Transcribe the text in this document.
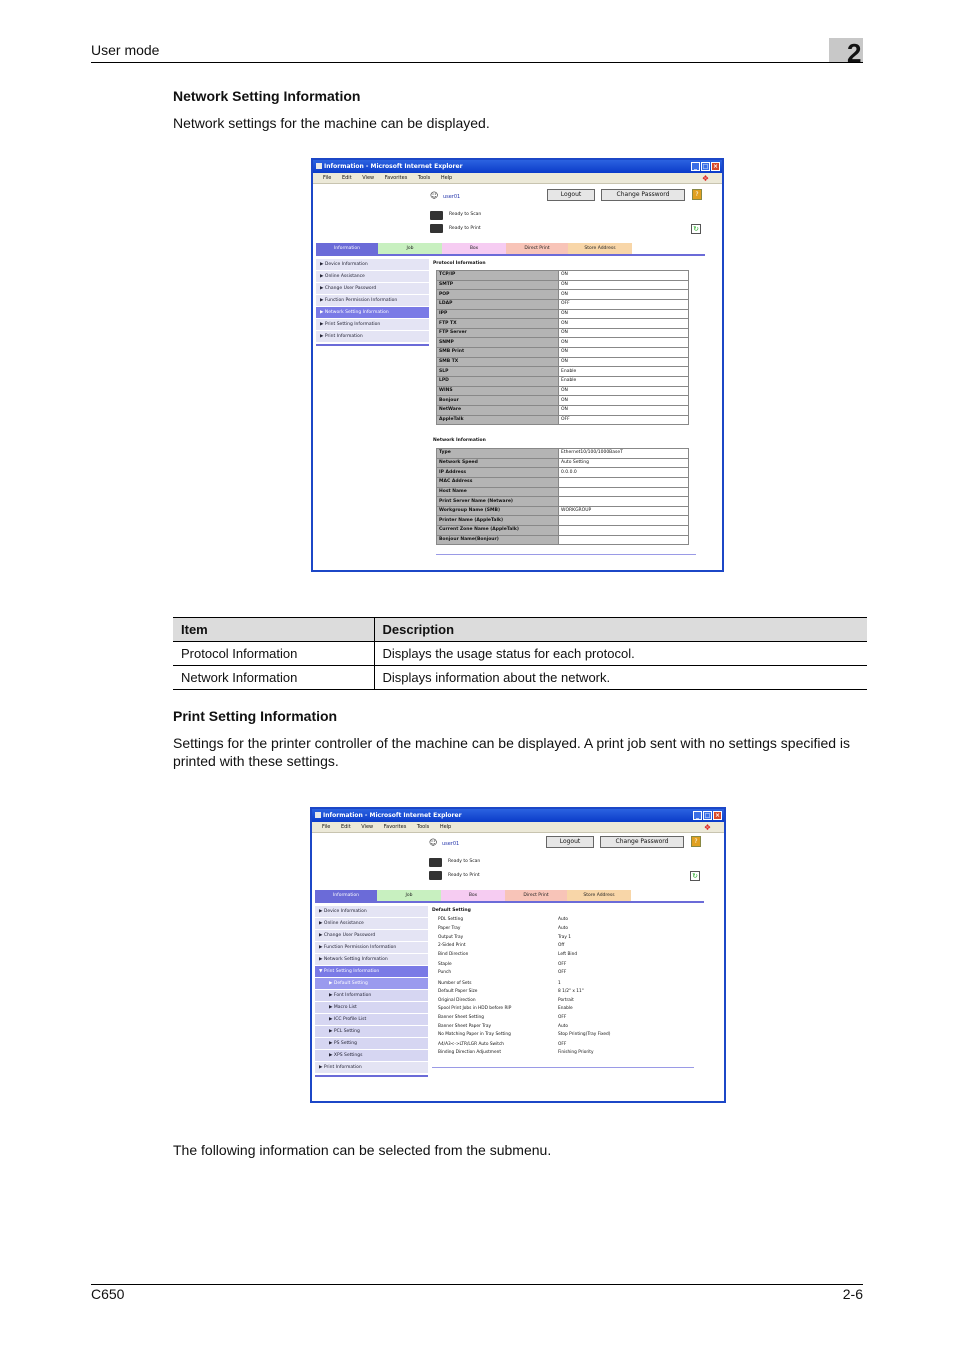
User mode	2
Network Setting Information
Network settings for the machine can be displayed.
Information - Microsoft Internet Explorer	_ □ ×
File Edit View Favorites Tools Help	❖
☺ user01	Logout	Change Password	?
Ready to Scan
Ready to Print	↻
Information	Job	Box	Direct Print	Store Address
▶ Device Information
▶ Online Assistance
▶ Change User Password
▶ Function Permission Information
▶ Network Setting Information
▶ Print Setting Information
▶ Print Information
Protocol Information
TCP/IP	ON
SMTP	ON
POP	ON
LDAP	OFF
IPP	ON
FTP TX	ON
FTP Server	ON
SNMP	ON
SMB Print	ON
SMB TX	ON
SLP	Enable
LPD	Enable
WINS	ON
Bonjour	ON
NetWare	ON
AppleTalk	OFF
Network Information
Type	Ethernet10/100/1000BaseT
Network Speed	Auto Setting
IP Address	0.0.0.0
MAC Address	
Host Name	
Print Server Name (Netware)	
Workgroup Name (SMB)	WORKGROUP
Printer Name (AppleTalk)	
Current Zone Name (AppleTalk)	
Bonjour Name(Bonjour)	
Item	Description
Protocol Information	Displays the usage status for each protocol.
Network Information	Displays information about the network.
Print Setting Information
Settings for the printer controller of the machine can be displayed. A print job sent with no settings specified is printed with these settings.
Information - Microsoft Internet Explorer	_ □ ×
File Edit View Favorites Tools Help	❖
☺ user01	Logout	Change Password	?
Ready to Scan
Ready to Print	↻
Information	Job	Box	Direct Print	Store Address
▶ Device Information
▶ Online Assistance
▶ Change User Password
▶ Function Permission Information
▶ Network Setting Information
▼ Print Setting Information
▶ Default Setting
▶ Font Information
▶ Macro List
▶ ICC Profile List
▶ PCL Setting
▶ PS Setting
▶ XPS Settings
▶ Print Information
Default Setting
PDL Setting	Auto
Paper Tray	Auto
Output Tray	Tray 1
2-Sided Print	Off
Bind Direction	Left Bind
Staple	OFF
Punch	OFF
Number of Sets	1
Default Paper Size	8 1/2" x 11"
Original Direction	Portrait
Spool Print Jobs in HDD before RIP	Enable
Banner Sheet Setting	OFF
Banner Sheet Paper Tray	Auto
No Matching Paper in Tray Setting	Stop Printing(Tray Fixed)
A4/A3<->LTR/LGR Auto Switch	OFF
Binding Direction Adjustment	Finishing Priority
The following information can be selected from the submenu.
C650	2-6
